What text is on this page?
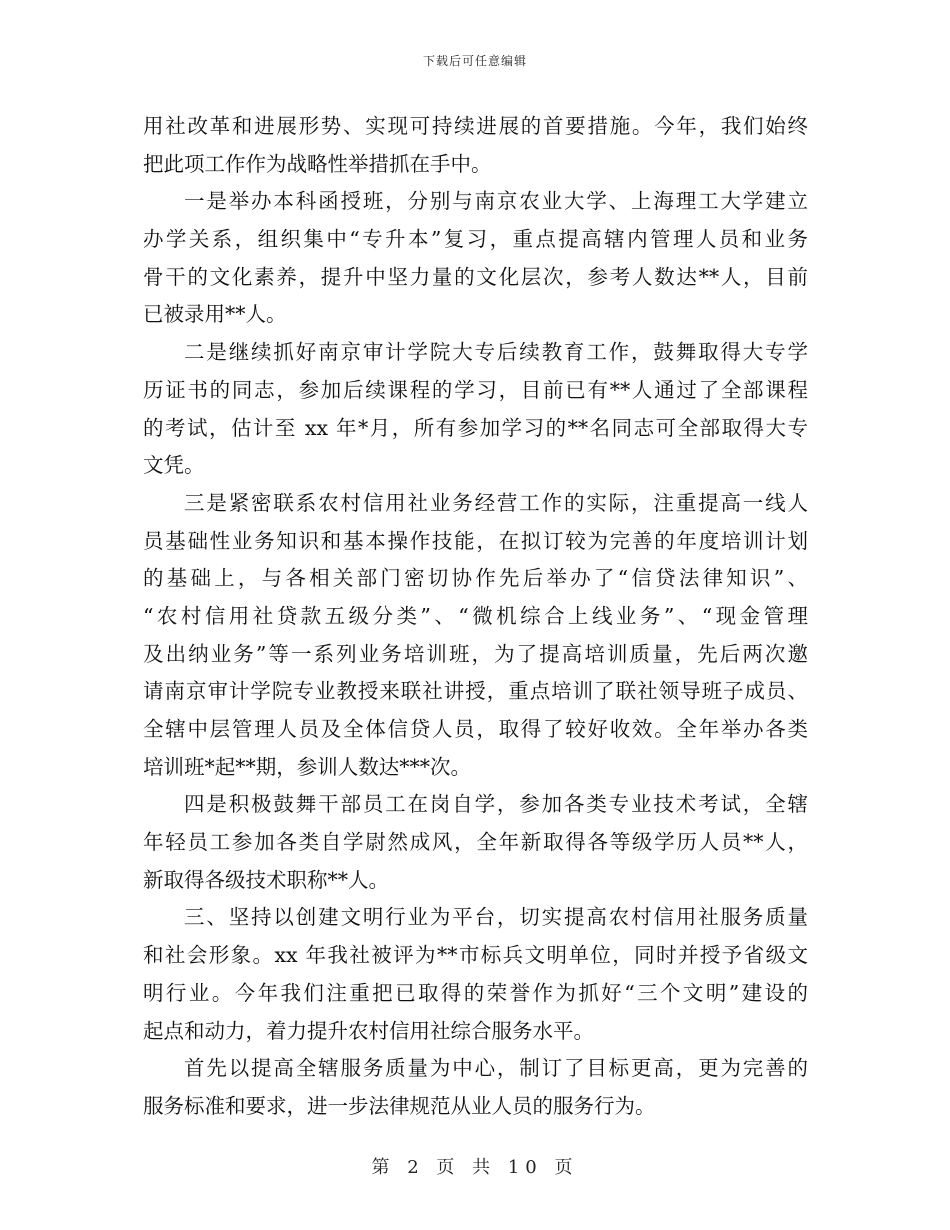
下载后可任意编辑
用社改革和进展形势、实现可持续进展的首要措施。今年，我们始终
把此项工作作为战略性举措抓在手中。
一是举办本科函授班，分别与南京农业大学、上海理工大学建立
办学关系，组织集中“专升本”复习，重点提高辖内管理人员和业务
骨干的文化素养，提升中坚力量的文化层次，参考人数达**人，目前
已被录用**人。
二是继续抓好南京审计学院大专后续教育工作，鼓舞取得大专学
历证书的同志，参加后续课程的学习，目前已有**人通过了全部课程
的考试，估计至 xx 年*月，所有参加学习的**名同志可全部取得大专
文凭。
三是紧密联系农村信用社业务经营工作的实际，注重提高一线人
员基础性业务知识和基本操作技能，在拟订较为完善的年度培训计划
的基础上，与各相关部门密切协作先后举办了“信贷法律知识”、
“农村信用社贷款五级分类”、“微机综合上线业务”、“现金管理
及出纳业务”等一系列业务培训班，为了提高培训质量，先后两次邀
请南京审计学院专业教授来联社讲授，重点培训了联社领导班子成员、
全辖中层管理人员及全体信贷人员，取得了较好收效。全年举办各类
培训班*起**期，参训人数达***次。
四是积极鼓舞干部员工在岗自学，参加各类专业技术考试，全辖
年轻员工参加各类自学尉然成风，全年新取得各等级学历人员**人，
新取得各级技术职称**人。
三、坚持以创建文明行业为平台，切实提高农村信用社服务质量
和社会形象。xx 年我社被评为**市标兵文明单位，同时并授予省级文
明行业。今年我们注重把已取得的荣誉作为抓好“三个文明”建设的
起点和动力，着力提升农村信用社综合服务水平。
首先以提高全辖服务质量为中心，制订了目标更高，更为完善的
服务标准和要求，进一步法律规范从业人员的服务行为。
第 2 页 共 10 页
